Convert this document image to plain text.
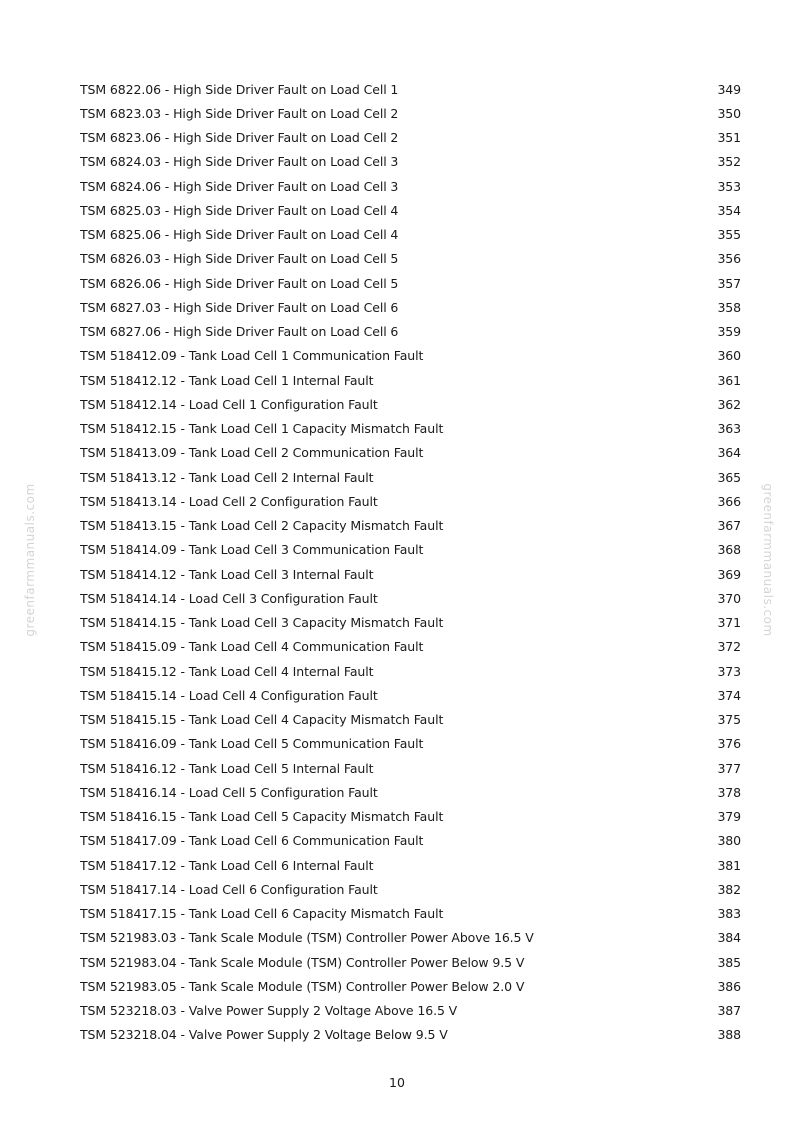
greenfarmmanuals.com	greenfarmmanuals.com
TSM 6822.06 - High Side Driver Fault on Load Cell 1	349
TSM 6823.03 - High Side Driver Fault on Load Cell 2	350
TSM 6823.06 - High Side Driver Fault on Load Cell 2	351
TSM 6824.03 - High Side Driver Fault on Load Cell 3	352
TSM 6824.06 - High Side Driver Fault on Load Cell 3	353
TSM 6825.03 - High Side Driver Fault on Load Cell 4	354
TSM 6825.06 - High Side Driver Fault on Load Cell 4	355
TSM 6826.03 - High Side Driver Fault on Load Cell 5	356
TSM 6826.06 - High Side Driver Fault on Load Cell 5	357
TSM 6827.03 - High Side Driver Fault on Load Cell 6	358
TSM 6827.06 - High Side Driver Fault on Load Cell 6	359
TSM 518412.09 - Tank Load Cell 1 Communication Fault	360
TSM 518412.12 - Tank Load Cell 1 Internal Fault	361
TSM 518412.14 - Load Cell 1 Configuration Fault	362
TSM 518412.15 - Tank Load Cell 1 Capacity Mismatch Fault	363
TSM 518413.09 - Tank Load Cell 2 Communication Fault	364
TSM 518413.12 - Tank Load Cell 2 Internal Fault	365
TSM 518413.14 - Load Cell 2 Configuration Fault	366
TSM 518413.15 - Tank Load Cell 2 Capacity Mismatch Fault	367
TSM 518414.09 - Tank Load Cell 3 Communication Fault	368
TSM 518414.12 - Tank Load Cell 3 Internal Fault	369
TSM 518414.14 - Load Cell 3 Configuration Fault	370
TSM 518414.15 - Tank Load Cell 3 Capacity Mismatch Fault	371
TSM 518415.09 - Tank Load Cell 4 Communication Fault	372
TSM 518415.12 - Tank Load Cell 4 Internal Fault	373
TSM 518415.14 - Load Cell 4 Configuration Fault	374
TSM 518415.15 - Tank Load Cell 4 Capacity Mismatch Fault	375
TSM 518416.09 - Tank Load Cell 5 Communication Fault	376
TSM 518416.12 - Tank Load Cell 5 Internal Fault	377
TSM 518416.14 - Load Cell 5 Configuration Fault	378
TSM 518416.15 - Tank Load Cell 5 Capacity Mismatch Fault	379
TSM 518417.09 - Tank Load Cell 6 Communication Fault	380
TSM 518417.12 - Tank Load Cell 6 Internal Fault	381
TSM 518417.14 - Load Cell 6 Configuration Fault	382
TSM 518417.15 - Tank Load Cell 6 Capacity Mismatch Fault	383
TSM 521983.03 - Tank Scale Module (TSM) Controller Power Above 16.5 V	384
TSM 521983.04 - Tank Scale Module (TSM) Controller Power Below 9.5 V	385
TSM 521983.05 - Tank Scale Module (TSM) Controller Power Below 2.0 V	386
TSM 523218.03 - Valve Power Supply 2 Voltage Above 16.5 V	387
TSM 523218.04 - Valve Power Supply 2 Voltage Below 9.5 V	388
10
